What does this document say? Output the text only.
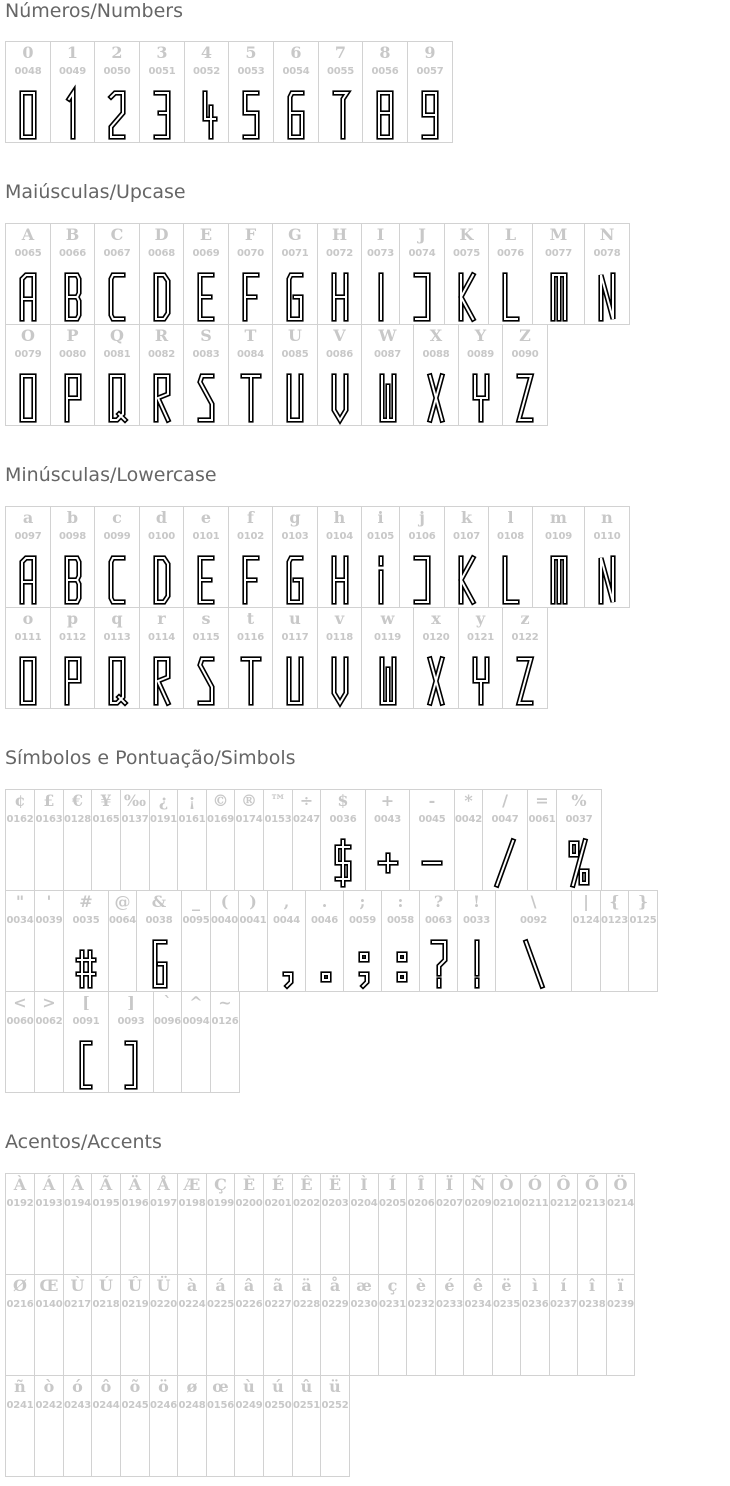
Números/Numbers
0
0048
1
0049
2
0050
3
0051
4
0052
5
0053
6
0054
7
0055
8
0056
9
0057
Maiúsculas/Upcase
A
0065
B
0066
C
0067
D
0068
E
0069
F
0070
G
0071
H
0072
I
0073
J
0074
K
0075
L
0076
M
0077
N
0078
O
0079
P
0080
Q
0081
R
0082
S
0083
T
0084
U
0085
V
0086
W
0087
X
0088
Y
0089
Z
0090
Minúsculas/Lowercase
a
0097
b
0098
c
0099
d
0100
e
0101
f
0102
g
0103
h
0104
i
0105
j
0106
k
0107
l
0108
m
0109
n
0110
o
0111
p
0112
q
0113
r
0114
s
0115
t
0116
u
0117
v
0118
w
0119
x
0120
y
0121
z
0122
Símbolos e Pontuação/Simbols
¢
0162
£
0163
€
0128
¥
0165
‰
0137
¿
0191
¡
0161
©
0169
®
0174
™
0153
÷
0247
$
0036
+
0043
-
0045
*
0042
/
0047
=
0061
%
0037
"
0034
'
0039
#
0035
@
0064
&
0038
_
0095
(
0040
)
0041
,
0044
.
0046
;
0059
:
0058
?
0063
!
0033
\
0092
|
0124
{
0123
}
0125
<
0060
>
0062
[
0091
]
0093
`
0096
^
0094
~
0126
Acentos/Accents
À
0192
Á
0193
Â
0194
Ã
0195
Ä
0196
Å
0197
Æ
0198
Ç
0199
È
0200
É
0201
Ê
0202
Ë
0203
Ì
0204
Í
0205
Î
0206
Ï
0207
Ñ
0209
Ò
0210
Ó
0211
Ô
0212
Õ
0213
Ö
0214
Ø
0216
Œ
0140
Ù
0217
Ú
0218
Û
0219
Ü
0220
à
0224
á
0225
â
0226
ã
0227
ä
0228
å
0229
æ
0230
ç
0231
è
0232
é
0233
ê
0234
ë
0235
ì
0236
í
0237
î
0238
ï
0239
ñ
0241
ò
0242
ó
0243
ô
0244
õ
0245
ö
0246
ø
0248
œ
0156
ù
0249
ú
0250
û
0251
ü
0252
